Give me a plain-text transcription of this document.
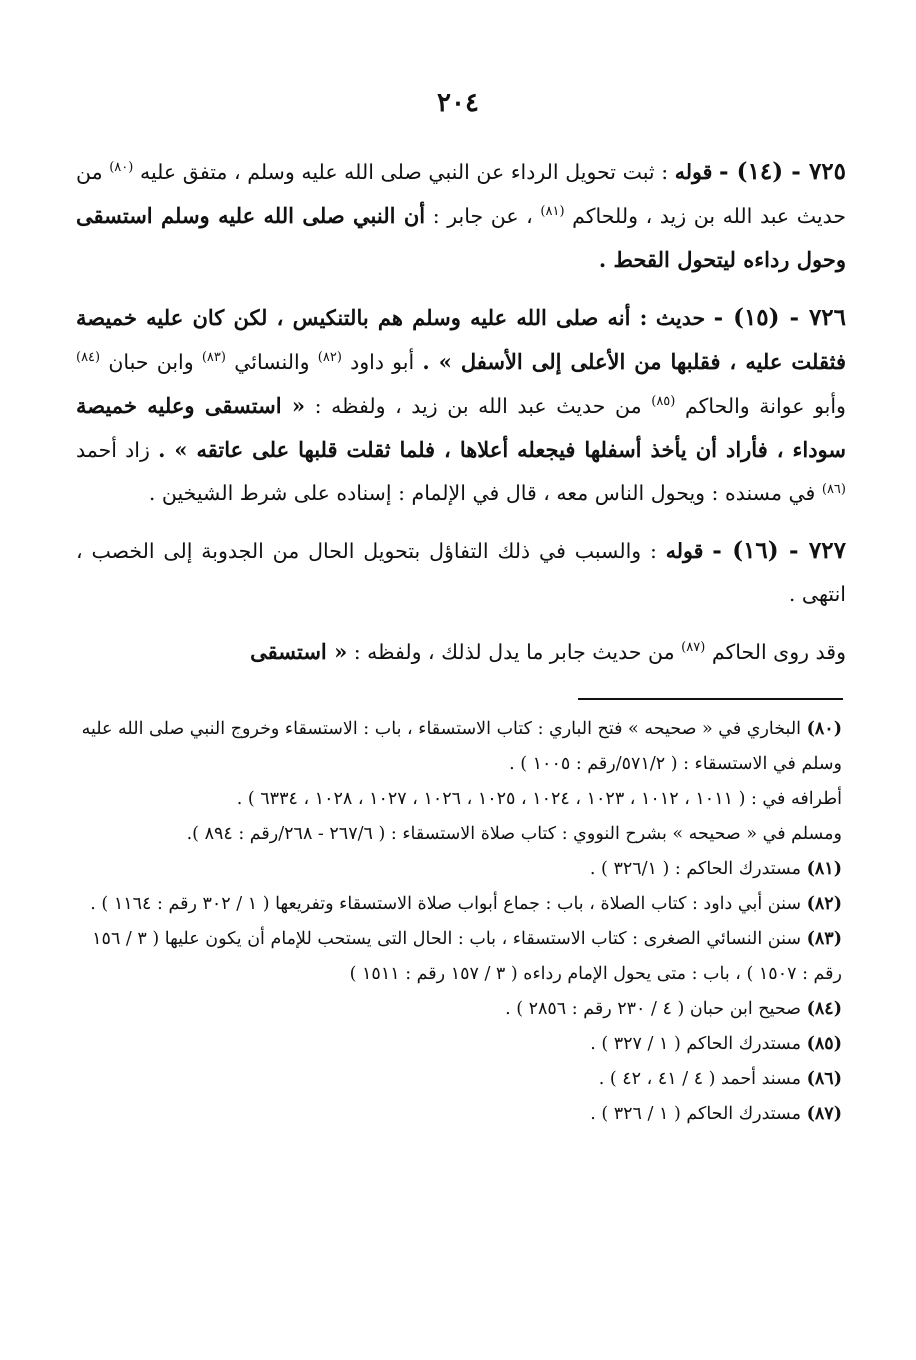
٢٠٤

٧٢٥ - (١٤) - قوله : ثبت تحويل الرداء عن النبي صلى الله عليه وسلم ، متفق عليه $^{(٨٠)}$ من حديث عبد الله بن زيد ، وللحاكم $^{(٨١)}$ ، عن جابر : أن النبي صلى الله عليه وسلم استسقى وحول رداءه ليتحول القحط .

٧٢٦ - (١٥) - حديث : أنه صلى الله عليه وسلم هم بالتنكيس ، لكن كان عليه خميصة فثقلت عليه ، فقلبها من الأعلى إلى الأسفل » . أبو داود $^{(٨٢)}$ والنسائي $^{(٨٣)}$ وابن حبان $^{(٨٤)}$ وأبو عوانة والحاكم $^{(٨٥)}$ من حديث عبد الله بن زيد ، ولفظه : « استسقى وعليه خميصة سوداء ، فأراد أن يأخذ أسفلها فيجعله أعلاها ، فلما ثقلت قلبها على عاتقه » . زاد أحمد $^{(٨٦)}$ في مسنده : ويحول الناس معه ، قال في الإلمام : إسناده على شرط الشيخين .

٧٢٧ - (١٦) - قوله : والسبب في ذلك التفاؤل بتحويل الحال من الجدوبة إلى الخصب ، انتهى .

وقد روى الحاكم $^{(٨٧)}$ من حديث جابر ما يدل لذلك ، ولفظه : « استسقى

(٨٠) البخاري في « صحيحه » فتح الباري : كتاب الاستسقاء ، باب : الاستسقاء وخروج النبي صلى الله عليه وسلم في الاستسقاء : ( ٥٧١/٢/رقم : ١٠٠٥ ) .

أطرافه في : ( ١٠١١ ، ١٠١٢ ، ١٠٢٣ ، ١٠٢٤ ، ١٠٢٥ ، ١٠٢٦ ، ١٠٢٧ ، ١٠٢٨ ، ٦٣٣٤ ) .

ومسلم في « صحيحه » بشرح النووي : كتاب صلاة الاستسقاء : ( ٢٦٧/٦ - ٢٦٨/رقم : ٨٩٤ ).

(٨١) مستدرك الحاكم : ( ٣٢٦/١ ) .

(٨٢) سنن أبي داود : كتاب الصلاة ، باب : جماع أبواب صلاة الاستسقاء وتفريعها ( ١ / ٣٠٢ رقم : ١١٦٤ ) .

(٨٣) سنن النسائي الصغرى : كتاب الاستسقاء ، باب : الحال التى يستحب للإمام أن يكون عليها ( ٣ / ١٥٦ رقم : ١٥٠٧ ) ، باب : متى يحول الإمام رداءه ( ٣ / ١٥٧ رقم : ١٥١١ )

(٨٤) صحيح ابن حبان ( ٤ / ٢٣٠ رقم : ٢٨٥٦ ) .

(٨٥) مستدرك الحاكم ( ١ / ٣٢٧ ) .

(٨٦) مسند أحمد ( ٤ / ٤١ ، ٤٢ ) .

(٨٧) مستدرك الحاكم ( ١ / ٣٢٦ ) .
